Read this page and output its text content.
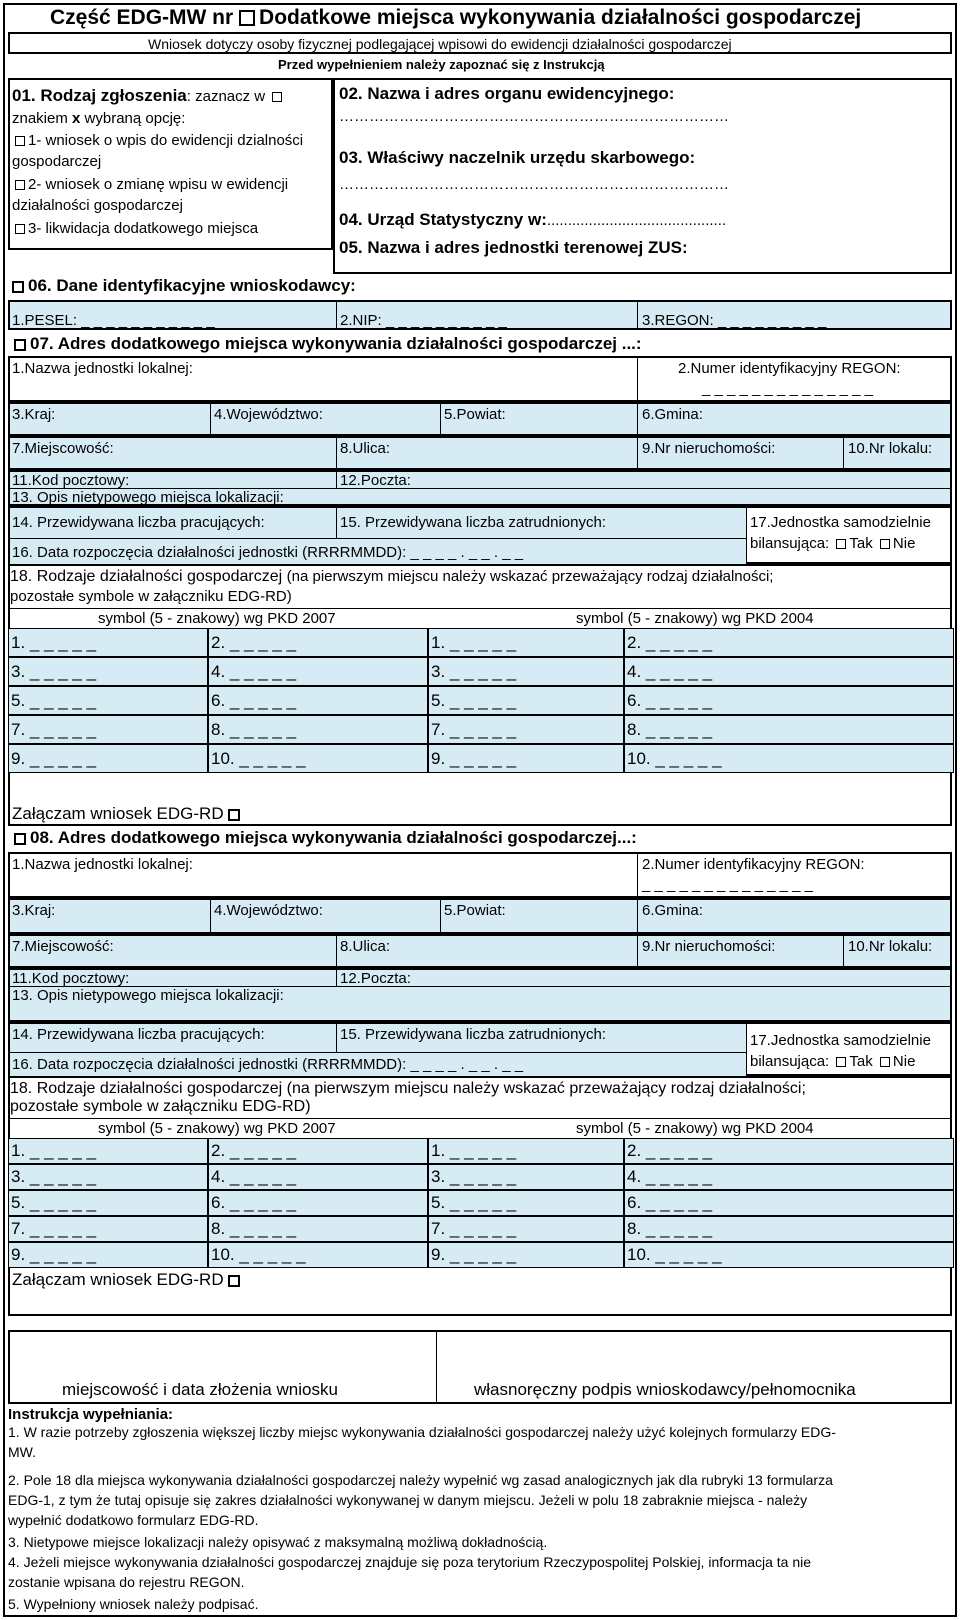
Część EDG-MW nr Dodatkowe miejsca wykonywania działalności gospodarczej
Wniosek dotyczy osoby fizycznej podlegającej wpisowi do ewidencji działalności gospodarczej
Przed wypełnieniem należy zapoznać się z Instrukcją
01. Rodzaj zgłoszenia: zaznacz w
znakiem x wybraną opcję:
1- wniosek o wpis do ewidencji dzialności
gospodarczej
2- wniosek o zmianę wpisu w ewidencji
działalności gospodarczej
3- likwidacja dodatkowego miejsca
02. Nazwa i adres organu ewidencyjnego:
……………………………………………………………………
03. Właściwy naczelnik urzędu skarbowego:
……………………………………………………………………
04. Urząd Statystyczny w:...........................................
05. Nazwa i adres jednostki terenowej ZUS:
06. Dane identyfikacyjne wnioskodawcy:
1.PESEL: _ _ _ _ _ _ _ _ _ _ _	2.NIP: _ _ _ _ _ _ _ _ _ _	3.REGON: _ _ _ _ _ _ _ _ _
07. Adres dodatkowego miejsca wykonywania działalności gospodarczej ...:
1.Nazwa jednostki lokalnej:	2.Numer identyfikacyjny REGON:
_ _ _ _ _ _ _ _ _ _ _ _ _ _
3.Kraj:	4.Województwo:	5.Powiat:	6.Gmina:
7.Miejscowość:	8.Ulica:	9.Nr nieruchomości:	10.Nr lokalu:
11.Kod pocztowy:	12.Poczta:
13. Opis nietypowego miejsca lokalizacji:
14. Przewidywana liczba pracujących:	15. Przewidywana liczba zatrudnionych:
16. Data rozpoczęcia działalności jednostki (RRRRMMDD): _ _ _ _ . _ _ . _ _
17.Jednostka samodzielnie
bilansująca: Tak Nie
18. Rodzaje działalności gospodarczej (na pierwszym miejscu należy wskazać przeważający rodzaj działalności;
pozostałe symbole w załączniku EDG-RD)
symbol (5 - znakowy) wg PKD 2007	symbol (5 - znakowy) wg PKD 2004
1. _ _ _ _ _	2. _ _ _ _ _	1. _ _ _ _ _	2. _ _ _ _ _
3. _ _ _ _ _	4. _ _ _ _ _	3. _ _ _ _ _	4. _ _ _ _ _
5. _ _ _ _ _	6. _ _ _ _ _	5. _ _ _ _ _	6. _ _ _ _ _
7. _ _ _ _ _	8. _ _ _ _ _	7. _ _ _ _ _	8. _ _ _ _ _
9. _ _ _ _ _	10. _ _ _ _ _	9. _ _ _ _ _	10. _ _ _ _ _
Załączam wniosek EDG-RD
08. Adres dodatkowego miejsca wykonywania działalności gospodarczej...:
1.Nazwa jednostki lokalnej:	2.Numer identyfikacyjny REGON:
_ _ _ _ _ _ _ _ _ _ _ _ _ _
3.Kraj:	4.Województwo:	5.Powiat:	6.Gmina:
7.Miejscowość:	8.Ulica:	9.Nr nieruchomości:	10.Nr lokalu:
11.Kod pocztowy:	12.Poczta:
13. Opis nietypowego miejsca lokalizacji:
14. Przewidywana liczba pracujących:	15. Przewidywana liczba zatrudnionych:
16. Data rozpoczęcia działalności jednostki (RRRRMMDD): _ _ _ _ . _ _ . _ _
17.Jednostka samodzielnie
bilansująca: Tak Nie
18. Rodzaje działalności gospodarczej (na pierwszym miejscu należy wskazać przeważający rodzaj działalności;
pozostałe symbole w załączniku EDG-RD)
symbol (5 - znakowy) wg PKD 2007	symbol (5 - znakowy) wg PKD 2004
1. _ _ _ _ _	2. _ _ _ _ _	1. _ _ _ _ _	2. _ _ _ _ _
3. _ _ _ _ _	4. _ _ _ _ _	3. _ _ _ _ _	4. _ _ _ _ _
5. _ _ _ _ _	6. _ _ _ _ _	5. _ _ _ _ _	6. _ _ _ _ _
7. _ _ _ _ _	8. _ _ _ _ _	7. _ _ _ _ _	8. _ _ _ _ _
9. _ _ _ _ _	10. _ _ _ _ _	9. _ _ _ _ _	10. _ _ _ _ _
Załączam wniosek EDG-RD
miejscowość i data złożenia wniosku	własnoręczny podpis wnioskodawcy/pełnomocnika
Instrukcja wypełniania:
1. W razie potrzeby zgłoszenia większej liczby miejsc wykonywania działalności gospodarczej należy użyć kolejnych formularzy EDG-
MW.
2. Pole 18 dla miejsca wykonywania działalności gospodarczej należy wypełnić wg zasad analogicznych jak dla rubryki 13 formularza
EDG-1, z tym że tutaj opisuje się zakres działalności wykonywanej w danym miejscu. Jeżeli w polu 18 zabraknie miejsca - należy
wypełnić dodatkowo formularz EDG-RD.
3. Nietypowe miejsce lokalizacji należy opisywać z maksymalną możliwą dokładnością.
4. Jeżeli miejsce wykonywania działalności gospodarczej znajduje się poza terytorium Rzeczypospolitej Polskiej, informacja ta nie
zostanie wpisana do rejestru REGON.
5. Wypełniony wniosek należy podpisać.
